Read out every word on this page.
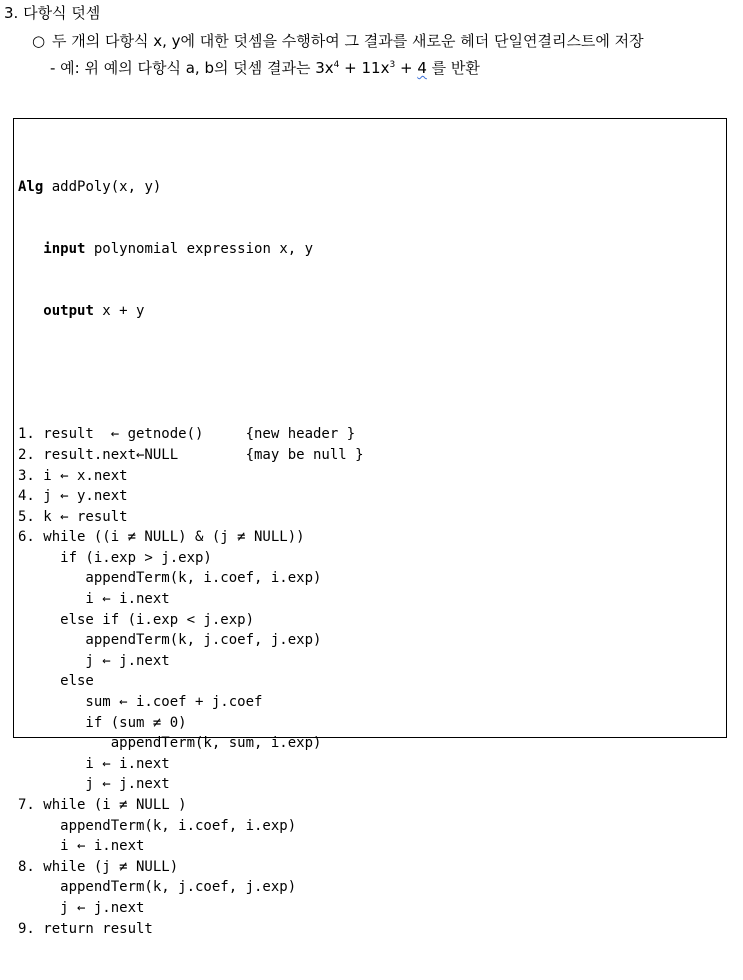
3. 다항식 덧셈
○ 두 개의 다항식 x, y에 대한 덧셈을 수행하여 그 결과를 새로운 헤더 단일연결리스트에 저장
- 예: 위 예의 다항식 a, b의 덧셈 결과는 $3x^4 + 11x^3 + 4$ 를 반환

Alg addPoly(x, y)

input polynomial expression x, y

output x + y

1. result  ← getnode()     {new header }
2. result.next←NULL        {may be null }
3. i ← x.next
4. j ← y.next
5. k ← result
6. while ((i ≠ NULL) & (j ≠ NULL))
if (i.exp > j.exp)
appendTerm(k, i.coef, i.exp)
i ← i.next
else if (i.exp < j.exp)
appendTerm(k, j.coef, j.exp)
j ← j.next
else
sum ← i.coef + j.coef
if (sum ≠ 0)
appendTerm(k, sum, i.exp)
i ← i.next
j ← j.next
7. while (i ≠ NULL )
appendTerm(k, i.coef, i.exp)
i ← i.next
8. while (j ≠ NULL)
appendTerm(k, j.coef, j.exp)
j ← j.next
9. return result
